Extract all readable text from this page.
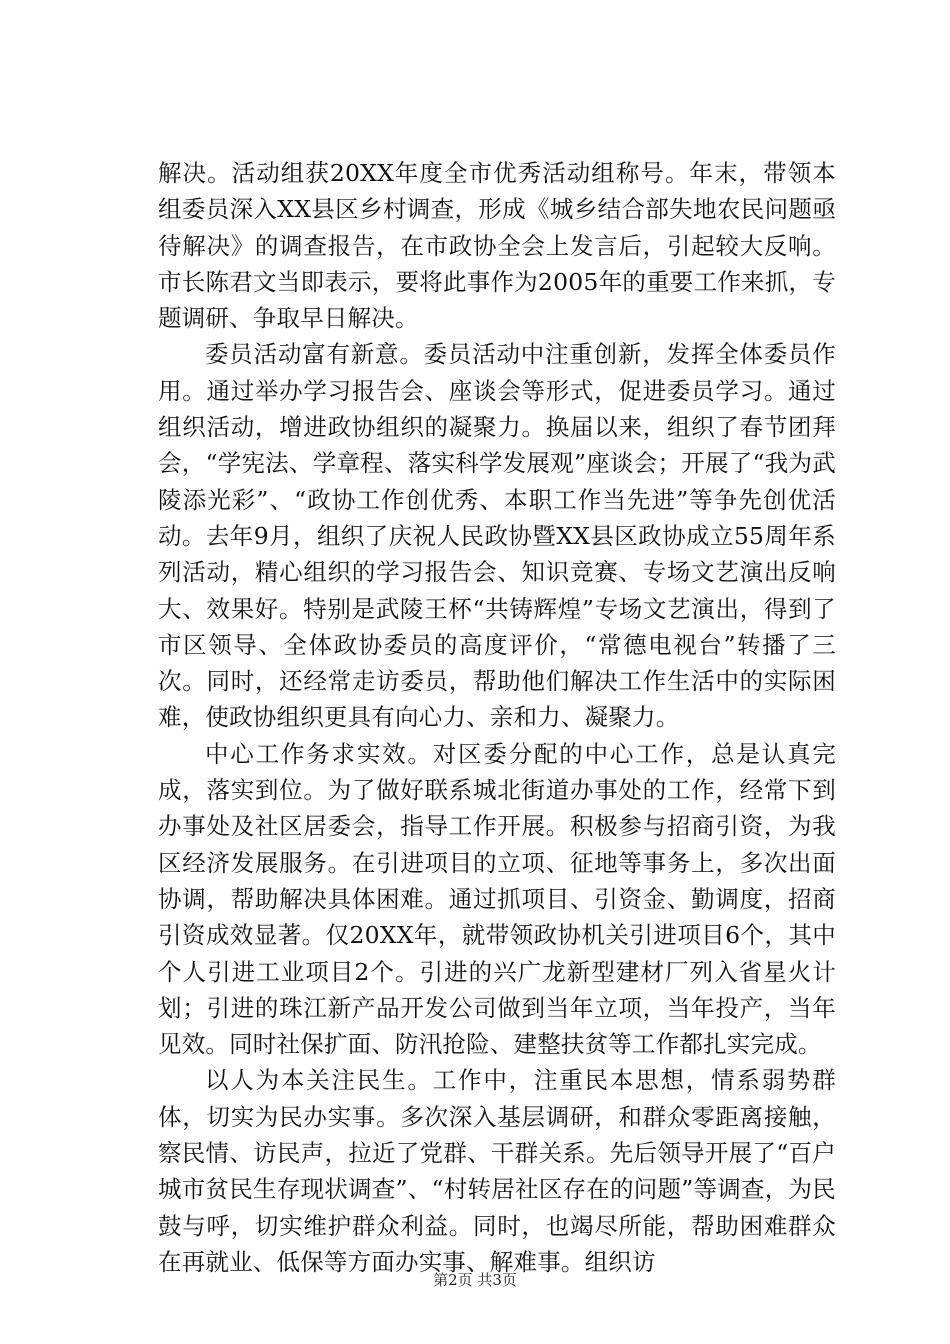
解决。活动组获20XX年度全市优秀活动组称号。年末，带领本组委员深入XX县区乡村调查，形成《城乡结合部失地农民问题亟待解决》的调查报告，在市政协全会上发言后，引起较大反响。市长陈君文当即表示，要将此事作为2005年的重要工作来抓，专题调研、争取早日解决。

委员活动富有新意。委员活动中注重创新，发挥全体委员作用。通过举办学习报告会、座谈会等形式，促进委员学习。通过组织活动，增进政协组织的凝聚力。换届以来，组织了春节团拜会，“学宪法、学章程、落实科学发展观”座谈会；开展了“我为武陵添光彩”、“政协工作创优秀、本职工作当先进”等争先创优活动。去年9月，组织了庆祝人民政协暨XX县区政协成立55周年系列活动，精心组织的学习报告会、知识竞赛、专场文艺演出反响大、效果好。特别是武陵王杯“共铸辉煌”专场文艺演出，得到了市区领导、全体政协委员的高度评价，“常德电视台”转播了三次。同时，还经常走访委员，帮助他们解决工作生活中的实际困难，使政协组织更具有向心力、亲和力、凝聚力。

中心工作务求实效。对区委分配的中心工作，总是认真完成，落实到位。为了做好联系城北街道办事处的工作，经常下到办事处及社区居委会，指导工作开展。积极参与招商引资，为我区经济发展服务。在引进项目的立项、征地等事务上，多次出面协调，帮助解决具体困难。通过抓项目、引资金、勤调度，招商引资成效显著。仅20XX年，就带领政协机关引进项目6个，其中个人引进工业项目2个。引进的兴广龙新型建材厂列入省星火计划；引进的珠江新产品开发公司做到当年立项，当年投产，当年见效。同时社保扩面、防汛抢险、建整扶贫等工作都扎实完成。

以人为本关注民生。工作中，注重民本思想，情系弱势群体，切实为民办实事。多次深入基层调研，和群众零距离接触，察民情、访民声，拉近了党群、干群关系。先后领导开展了“百户城市贫民生存现状调查”、“村转居社区存在的问题”等调查，为民鼓与呼，切实维护群众利益。同时，也竭尽所能，帮助困难群众在再就业、低保等方面办实事、解难事。组织访

第2页 共3页
